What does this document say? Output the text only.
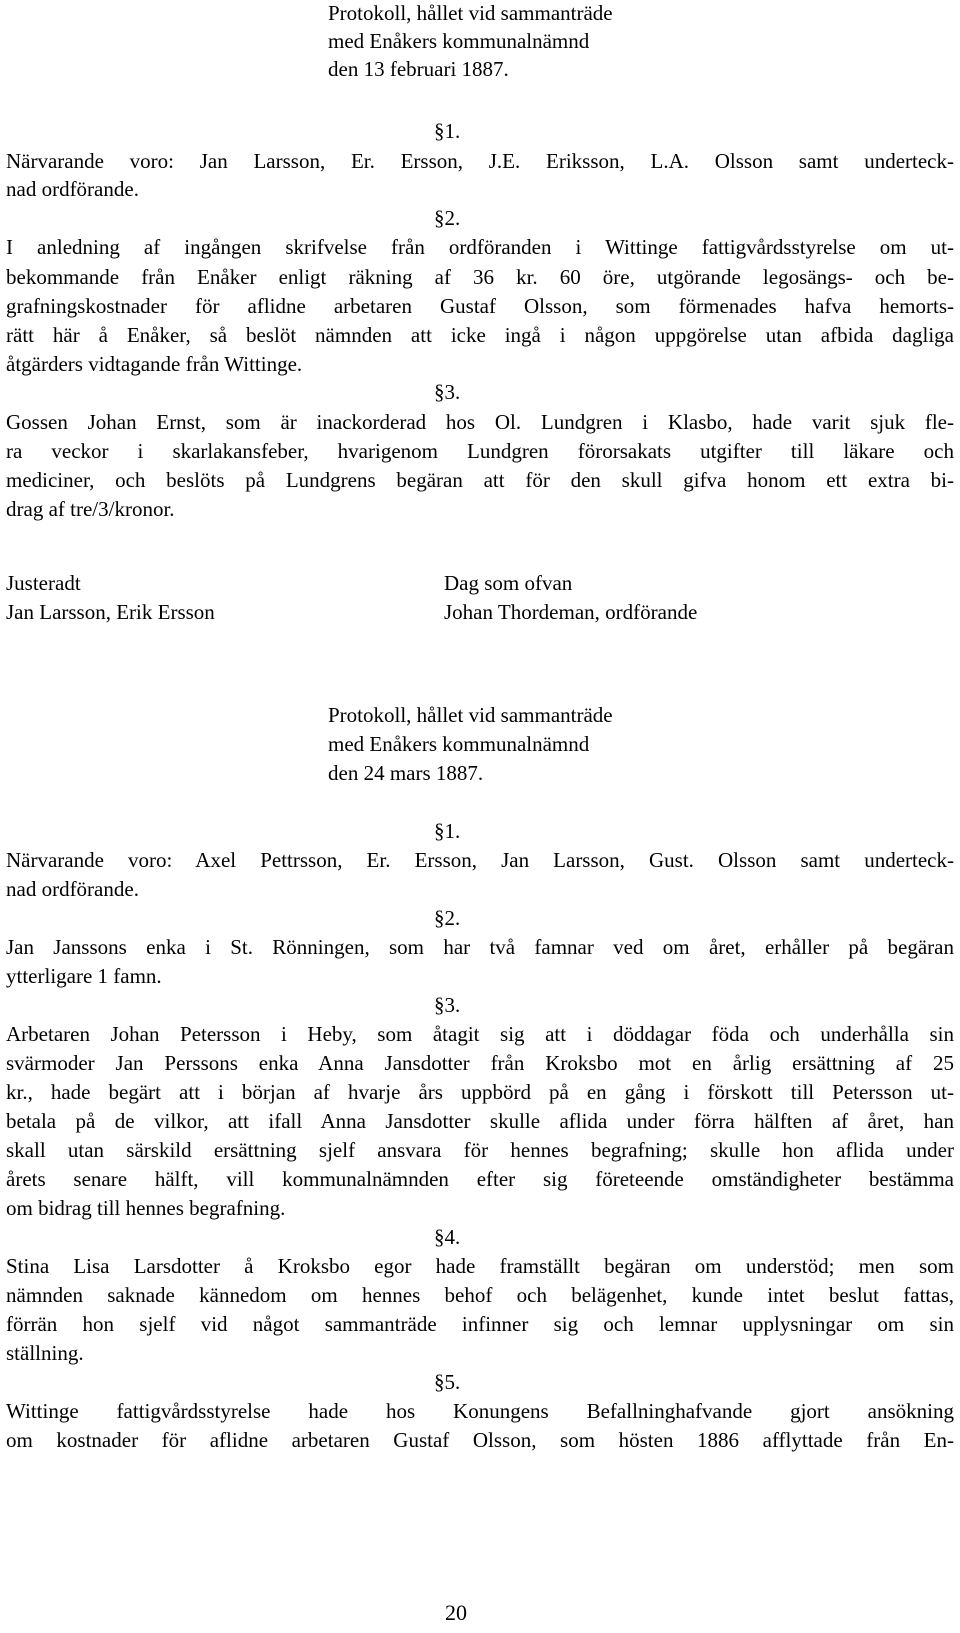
Protokoll, hållet vid sammanträde
med Enåkers kommunalnämnd
den 13 februari 1887.
§1.
Närvarande voro: Jan Larsson, Er. Ersson, J.E. Eriksson, L.A. Olsson samt underteck-
nad ordförande.
§2.
I anledning af ingången skrifvelse från ordföranden i Wittinge fattigvårdsstyrelse om ut-
bekommande från Enåker enligt räkning af 36 kr. 60 öre, utgörande legosängs- och be-
grafningskostnader för aflidne arbetaren Gustaf Olsson, som förmenades hafva hemorts-
rätt här å Enåker, så beslöt nämnden att icke ingå i någon uppgörelse utan afbida dagliga
åtgärders vidtagande från Wittinge.
§3.
Gossen Johan Ernst, som är inackorderad hos Ol. Lundgren i Klasbo, hade varit sjuk fle-
ra veckor i skarlakansfeber, hvarigenom Lundgren förorsakats utgifter till läkare och
mediciner, och beslöts på Lundgrens begäran att för den skull gifva honom ett extra bi-
drag af tre/3/kronor.
Justeradt
Jan Larsson, Erik Ersson
Dag som ofvan
Johan Thordeman, ordförande
Protokoll, hållet vid sammanträde
med Enåkers kommunalnämnd
den 24 mars 1887.
§1.
Närvarande voro: Axel Pettrsson, Er. Ersson, Jan Larsson, Gust. Olsson samt underteck-
nad ordförande.
§2.
Jan Janssons enka i St. Rönningen, som har två famnar ved om året, erhåller på begäran
ytterligare 1 famn.
§3.
Arbetaren Johan Petersson i Heby, som åtagit sig att i döddagar föda och underhålla sin
svärmoder Jan Perssons enka Anna Jansdotter från Kroksbo mot en årlig ersättning af 25
kr., hade begärt att i början af hvarje års uppbörd på en gång i förskott till Petersson ut-
betala på de vilkor, att ifall Anna Jansdotter skulle aflida under förra hälften af året, han
skall utan särskild ersättning sjelf ansvara för hennes begrafning; skulle hon aflida under
årets senare hälft, vill kommunalnämnden efter sig företeende omständigheter bestämma
om bidrag till hennes begrafning.
§4.
Stina Lisa Larsdotter å Kroksbo egor hade framställt begäran om understöd; men som
nämnden saknade kännedom om hennes behof och belägenhet, kunde intet beslut fattas,
förrän hon sjelf vid något sammanträde infinner sig och lemnar upplysningar om sin
ställning.
§5.
Wittinge fattigvårdsstyrelse hade hos Konungens Befallninghafvande gjort ansökning
om kostnader för aflidne arbetaren Gustaf Olsson, som hösten 1886 afflyttade från En-
20
